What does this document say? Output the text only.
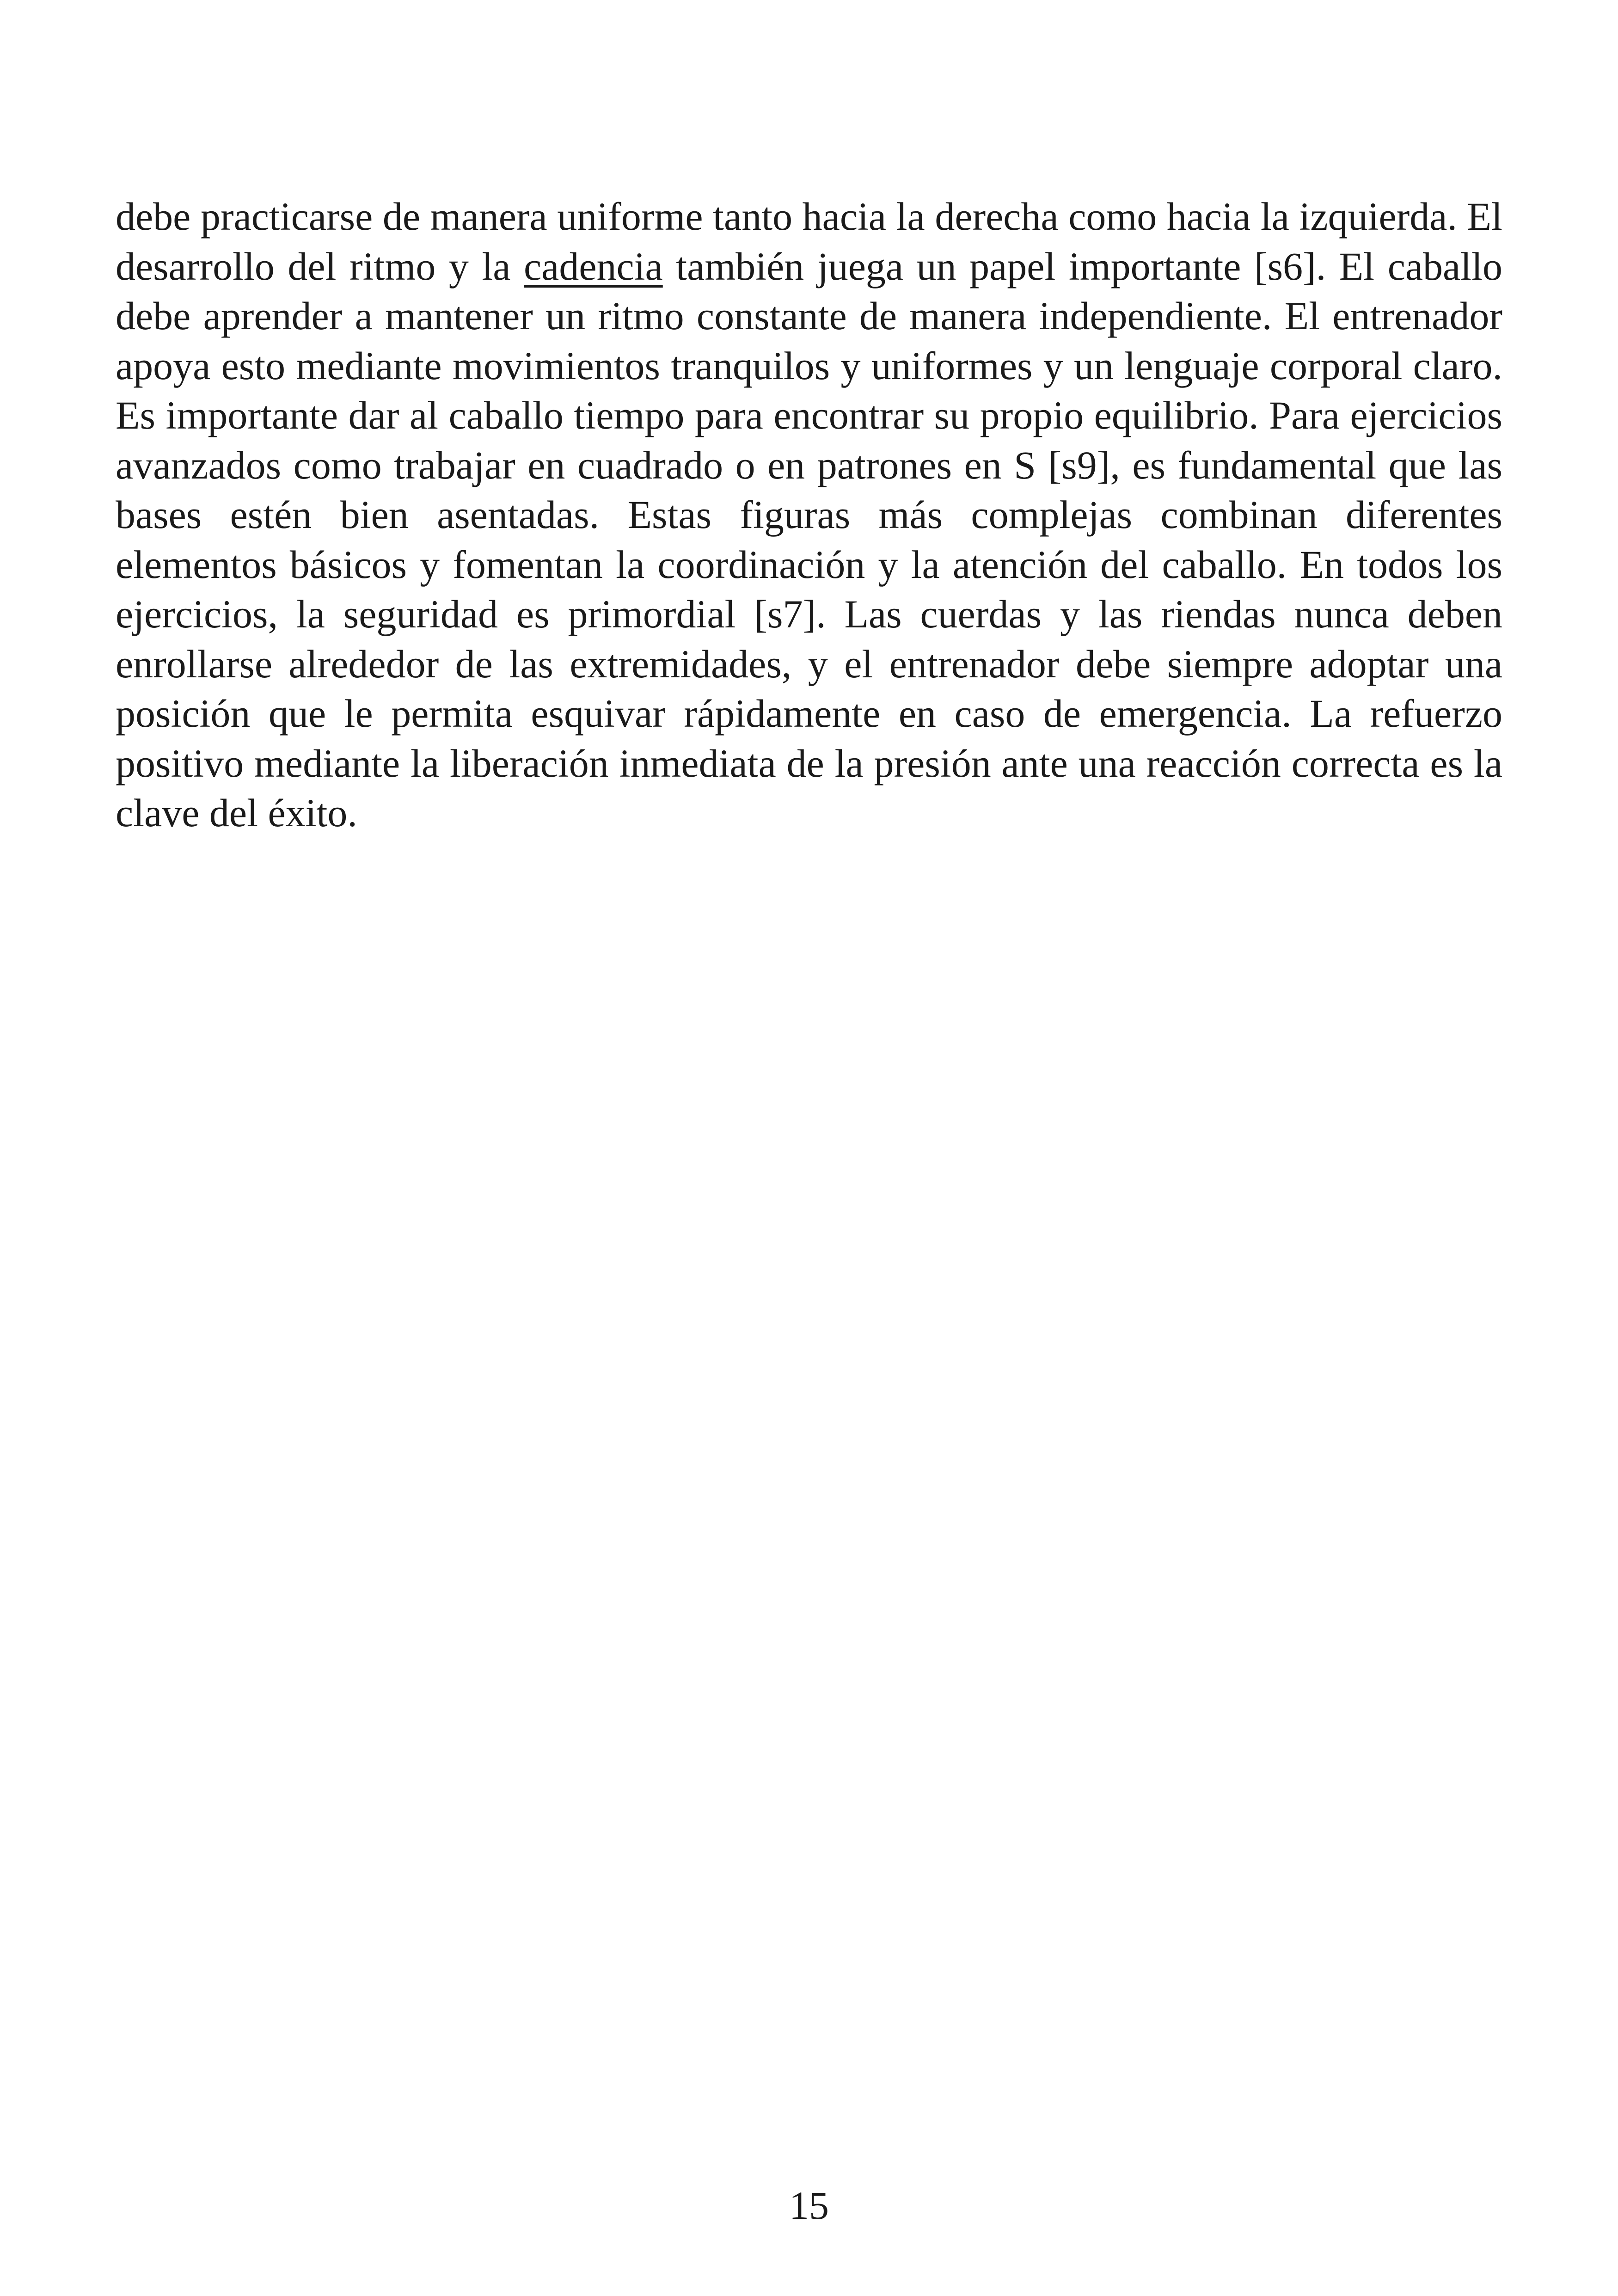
debe practicarse de manera uniforme tanto hacia la derecha como hacia la izquierda. El desarrollo del ritmo y la cadencia también juega un papel importante [s6]. El caballo debe aprender a mantener un ritmo constante de manera independiente. El entrenador apoya esto mediante movimientos tranquilos y uniformes y un lenguaje corporal claro. Es importante dar al caballo tiempo para encontrar su propio equilibrio. Para ejercicios avanzados como trabajar en cuadrado o en patrones en S [s9], es fundamental que las bases estén bien asentadas. Estas figuras más complejas combinan diferentes elementos básicos y fomentan la coordinación y la atención del caballo. En todos los ejercicios, la seguridad es primordial [s7]. Las cuerdas y las riendas nunca deben enrollarse alrededor de las extremidades, y el entrenador debe siempre adoptar una posición que le permita esquivar rápidamente en caso de emergencia. La refuerzo positivo mediante la liberación inmediata de la presión ante una reacción correcta es la clave del éxito.

15
